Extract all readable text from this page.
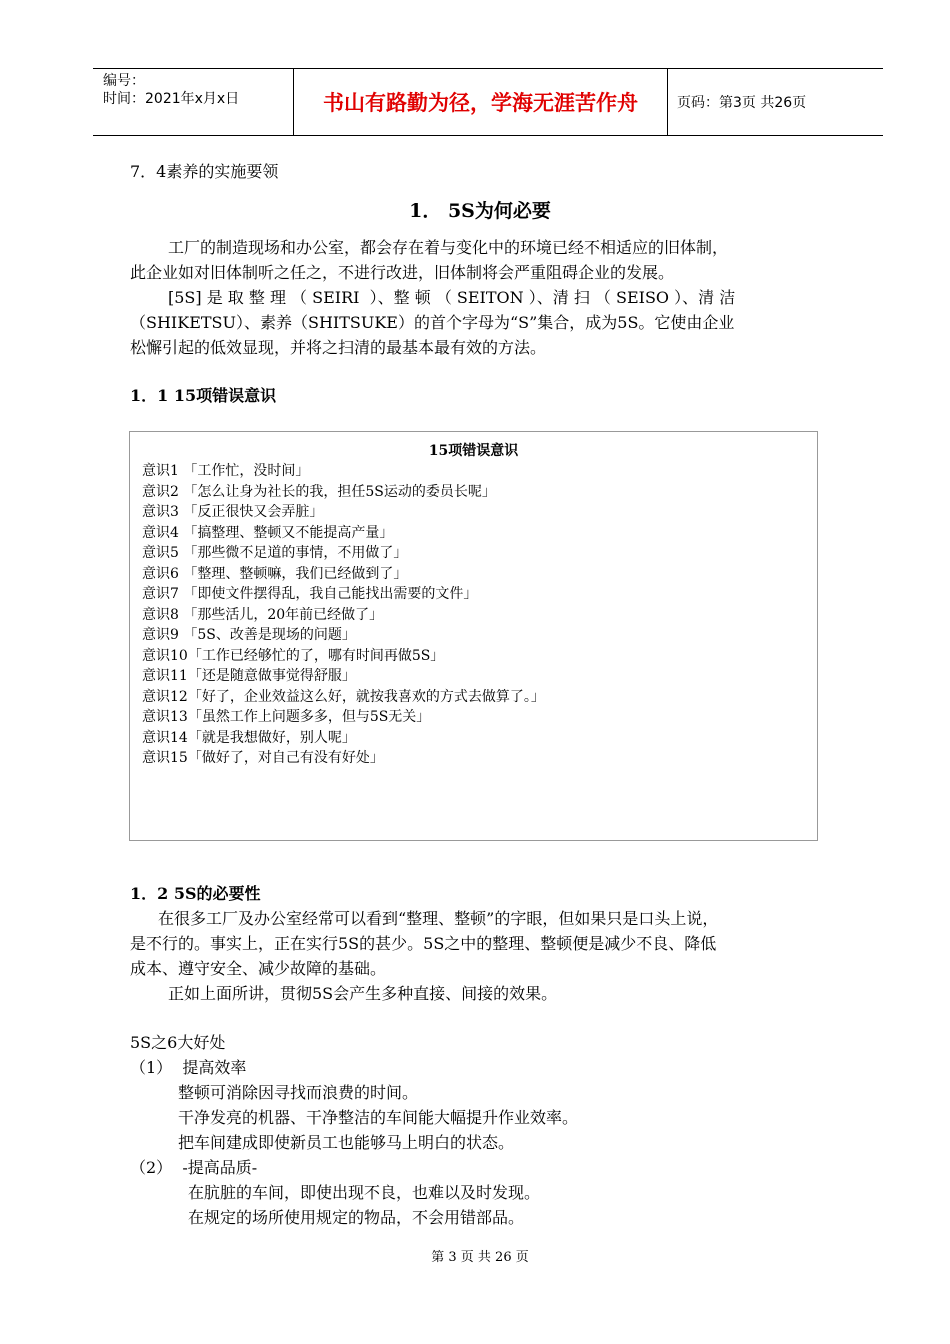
编号：
时间：2021年x月x日	书山有路勤为径，学海无涯苦作舟	页码：第3页 共26页
7．4素养的实施要领
1． 5S为何必要
工厂的制造现场和办公室，都会存在着与变化中的环境已经不相适应的旧体制，
此企业如对旧体制听之任之，不进行改进，旧体制将会严重阻碍企业的发展。
[5S] 是 取 整 理 （ SEIRI  ）、整 顿 （ SEITON ）、清 扫 （ SEISO ）、清 洁
（SHIKETSU）、素养（SHITSUKE）的首个字母为“S”集合，成为5S。它使由企业
松懈引起的低效显现，并将之扫清的最基本最有效的方法。
1．1 15项错误意识
15项错误意识
意识1 「工作忙，没时间」
意识2 「怎么让身为社长的我，担任5S运动的委员长呢」
意识3 「反正很快又会弄脏」
意识4 「搞整理、整顿又不能提高产量」
意识5 「那些微不足道的事情，不用做了」
意识6 「整理、整顿嘛，我们已经做到了」
意识7 「即使文件摆得乱，我自己能找出需要的文件」
意识8 「那些活儿，20年前已经做了」
意识9 「5S、改善是现场的问题」
意识10「工作已经够忙的了，哪有时间再做5S」
意识11「还是随意做事觉得舒服」
意识12「好了，企业效益这么好，就按我喜欢的方式去做算了。」
意识13「虽然工作上问题多多，但与5S无关」
意识14「就是我想做好，别人呢」
意识15「做好了，对自己有没有好处」
1．2 5S的必要性
在很多工厂及办公室经常可以看到“整理、整顿”的字眼，但如果只是口头上说，
是不行的。事实上，正在实行5S的甚少。5S之中的整理、整顿便是减少不良、降低
成本、遵守安全、减少故障的基础。
正如上面所讲，贯彻5S会产生多种直接、间接的效果。
5S之6大好处
（1）  提高效率
整顿可消除因寻找而浪费的时间。
干净发亮的机器、干净整洁的车间能大幅提升作业效率。
把车间建成即使新员工也能够马上明白的状态。
（2）  -提高品质-
在肮脏的车间，即使出现不良，也难以及时发现。
在规定的场所使用规定的物品，不会用错部品。
第 3 页 共 26 页
